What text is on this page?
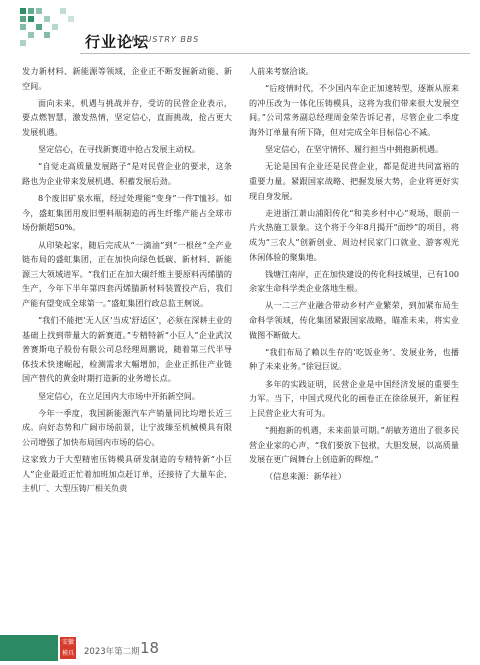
行业论坛
INDUSTRY BBS

发力新材料、新能源等领域，企业正不断发掘新动能、新空间。

面向未来，机遇与挑战并存，受访的民营企业表示，要点燃智慧，激发热情，坚定信心，直面挑战，抢占更大发展机遇。

坚定信心，在寻找新赛道中抢占发展主动权。

“自觉走高质量发展路子”是对民营企业的要求，这条路也为企业带来发展机遇、积蓄发展后劲。

8个废旧矿泉水瓶，经过处理能“变身”一件T恤衫。如今，盛虹集团用废旧塑料瓶制造的再生纤维产能占全球市场份额超50%。

从印染起家，随后完成从“一滴油”到“一根丝”全产业链布局的盛虹集团，正在加快向绿色低碳、新材料、新能源三大领域进军。“我们正在加大碳纤维主要原料丙烯腈的生产，今年下半年第四套丙烯腈新材料装置投产后，我们产能有望变成全球第一。”盛虹集团行政总监王舸说。

“我们不能把‘无人区’当成‘舒适区’，必须在深耕主业的基础上找到带量大的新赛道。”专精特新“小巨人”企业武汉普赛斯电子股份有限公司总经理周鹏说，随着第三代半导体技术快速崛起，检测需求大幅增加，企业正抓住产业链国产替代的黄金时期打造新的业务增长点。

坚定信心，在立足国内大市场中开拓新空间。

今年一季度，我国新能源汽车产销量同比均增长近三成。向好态势和广阔市场前景，让宁波臻至机械模具有限公司增强了加快布局国内市场的信心。

这家致力于大型精密压铸模具研发制造的专精特新“小巨人”企业最近正忙着加班加点赶订单，还接待了大量车企、主机厂、大型压铸厂相关负责

人前来考察洽谈。

“后疫情时代，不少国内车企正加速转型，逐渐从原来的冲压改为一体化压铸模具，这将为我们带来很大发展空间。”公司常务副总经理周金荣告诉记者，尽管企业二季度海外订单量有所下降，但对完成全年目标信心不减。

坚定信心，在坚守情怀、履行担当中拥抱新机遇。

无论是国有企业还是民营企业，都是促进共同富裕的重要力量。紧跟国家战略、把握发展大势，企业将更好实现自身发展。

走进浙江萧山浦阳传化“和美乡村中心”观场，眼前一片火热施工景象。这个将于今年8月揭开“面纱”的项目，将成为“三农人”创新创业、周边村民家门口就业、游客观光休闲体验的聚集地。

钱塘江南岸，正在加快建设的传化科技城里，已有100余家生命科学类企业落地生根。

从一二三产业融合带动乡村产业繁荣，到加紧布局生命科学领域，传化集团紧跟国家战略，瞄准未来，将实业做图不断做大。

“我们布局了赖以生存的‘吃饭业务’、发展业务，也播种了未来业务。”徐冠巨说。

多年的实践证明，民营企业是中国经济发展的重要生力军。当下，中国式现代化的画卷正在徐徐展开，新征程上民营企业大有可为。

“拥抱新的机遇，未来前景可期。”胡敏芳道出了很多民营企业家的心声，“我们要放下包袱，大胆发展，以高质量发展在更广阔舞台上创造新的辉煌。”

（信息来源：新华社）

安徽模具 2023年第二期 18
